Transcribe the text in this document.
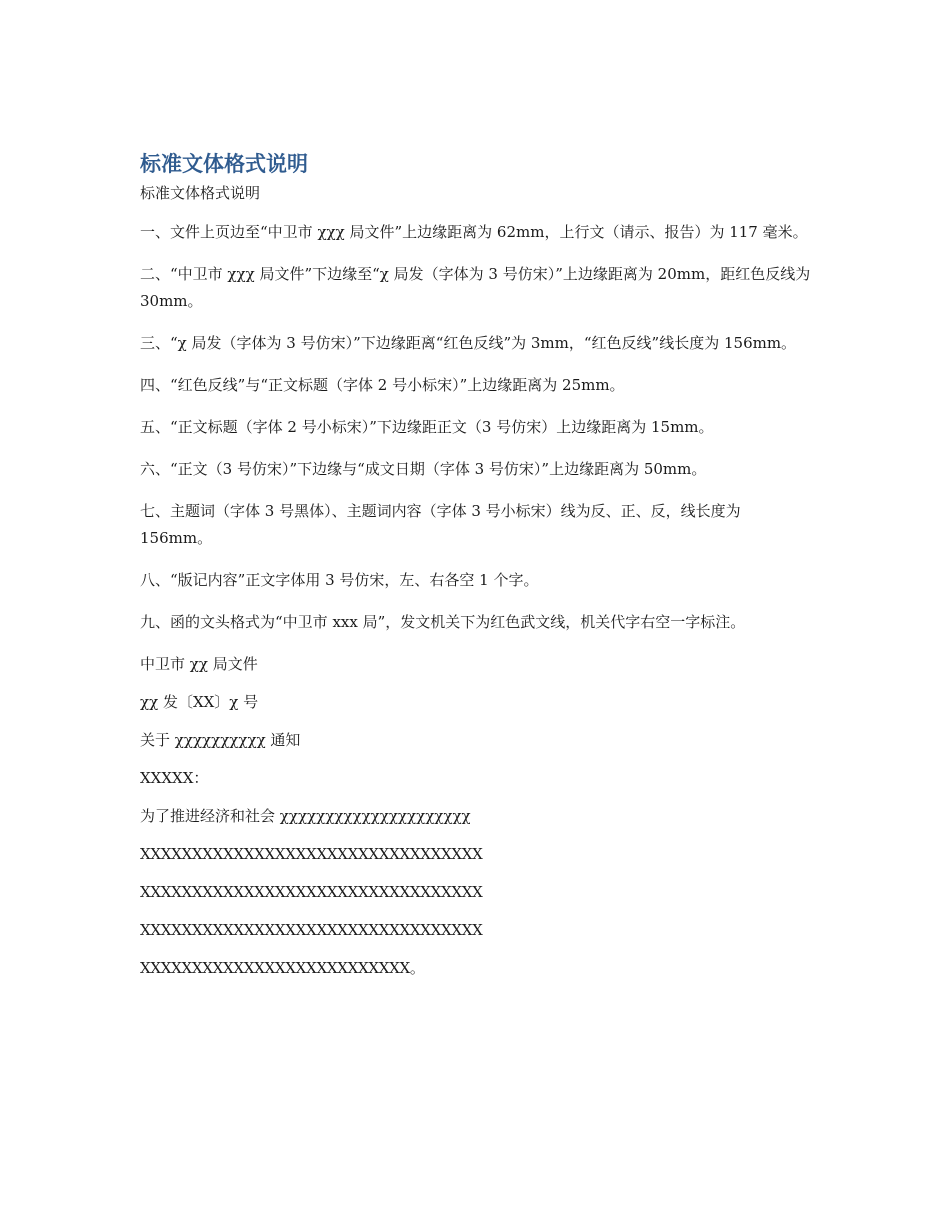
标准文体格式说明

标准文体格式说明

一、文件上页边至“中卫市 χχχ 局文件”上边缘距离为 62mm，上行文（请示、报告）为 117 毫米。

二、“中卫市 χχχ 局文件”下边缘至“χ 局发（字体为 3 号仿宋）”上边缘距离为 20mm，距红色反线为 30mm。

三、“χ 局发（字体为 3 号仿宋）”下边缘距离“红色反线”为 3mm，“红色反线”线长度为 156mm。

四、“红色反线”与“正文标题（字体 2 号小标宋）”上边缘距离为 25mm。

五、“正文标题（字体 2 号小标宋）”下边缘距正文（3 号仿宋）上边缘距离为 15mm。

六、“正文（3 号仿宋）”下边缘与“成文日期（字体 3 号仿宋）”上边缘距离为 50mm。

七、主题词（字体 3 号黑体）、主题词内容（字体 3 号小标宋）线为反、正、反，线长度为 156mm。

八、“版记内容”正文字体用 3 号仿宋，左、右各空 1 个字。

九、函的文头格式为“中卫市 xxx 局”，发文机关下为红色武文线，机关代字右空一字标注。

中卫市 χχ 局文件

χχ 发〔XX〕χ 号

关于 χχχχχχχχχχ 通知

XXXXX：

为了推进经济和社会 χχχχχχχχχχχχχχχχχχχχχ

XXXXXXXXXXXXXXXXXXXXXXXXXXXXXXXXX

XXXXXXXXXXXXXXXXXXXXXXXXXXXXXXXXX

XXXXXXXXXXXXXXXXXXXXXXXXXXXXXXXXX

XXXXXXXXXXXXXXXXXXXXXXXXXX。
